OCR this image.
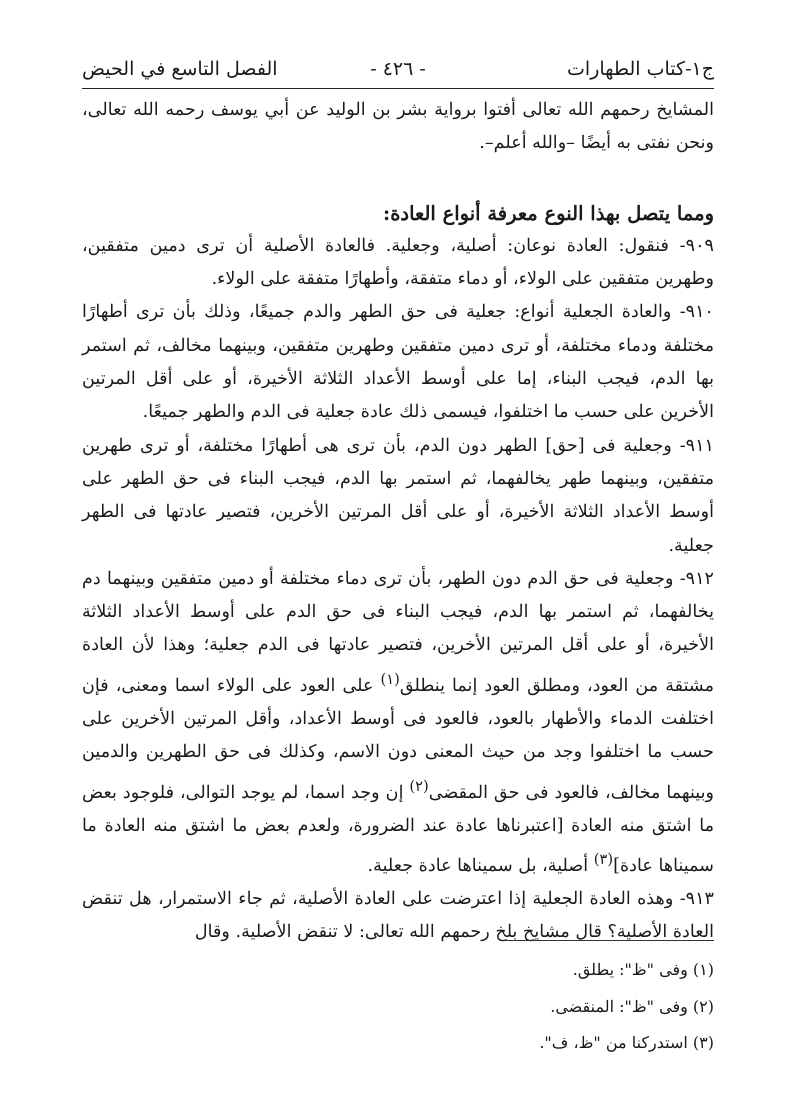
ج١-كتاب الطهارات
- ٤٢٦ -
الفصل التاسع في الحيض

المشايخ رحمهم الله تعالى أفتوا برواية بشر بن الوليد عن أبي يوسف رحمه الله تعالى، ونحن نفتى به أيضًا –والله أعلم–.

ومما يتصل بهذا النوع معرفة أنواع العادة:

٩٠٩- فنقول: العادة نوعان: أصلية، وجعلية. فالعادة الأصلية أن ترى دمين متفقين، وطهرين متفقين على الولاء، أو دماء متفقة، وأطهارًا متفقة على الولاء.

٩١٠- والعادة الجعلية أنواع: جعلية فى حق الطهر والدم جميعًا، وذلك بأن ترى أطهارًا مختلفة ودماء مختلفة، أو ترى دمين متفقين وطهرين متفقين، وبينهما مخالف، ثم استمر بها الدم، فيجب البناء، إما على أوسط الأعداد الثلاثة الأخيرة، أو على أقل المرتين الأخرين على حسب ما اختلفوا، فيسمى ذلك عادة جعلية فى الدم والطهر جميعًا.

٩١١- وجعلية فى [حق] الطهر دون الدم، بأن ترى هى أطهارًا مختلفة، أو ترى طهرين متفقين، وبينهما طهر يخالفهما، ثم استمر بها الدم، فيجب البناء فى حق الطهر على أوسط الأعداد الثلاثة الأخيرة، أو على أقل المرتين الأخرين، فتصير عادتها فى الطهر جعلية.

٩١٢- وجعلية فى حق الدم دون الطهر، بأن ترى دماء مختلفة أو دمين متفقين وبينهما دم يخالفهما، ثم استمر بها الدم، فيجب البناء فى حق الدم على أوسط الأعداد الثلاثة الأخيرة، أو على أقل المرتين الأخرين، فتصير عادتها فى الدم جعلية؛ وهذا لأن العادة مشتقة من العود، ومطلق العود إنما ينطلق$^{(١)}$ على العود على الولاء اسما ومعنى، فإن اختلفت الدماء والأطهار بالعود، فالعود فى أوسط الأعداد، وأقل المرتين الأخرين على حسب ما اختلفوا وجد من حيث المعنى دون الاسم، وكذلك فى حق الطهرين والدمين وبينهما مخالف، فالعود فى حق المقضى$^{(٢)}$ إن وجد اسما، لم يوجد التوالى، فلوجود بعض ما اشتق منه العادة [اعتبرناها عادة عند الضرورة، ولعدم بعض ما اشتق منه العادة ما سميناها عادة]$^{(٣)}$ أصلية، بل سميناها عادة جعلية.

٩١٣- وهذه العادة الجعلية إذا اعترضت على العادة الأصلية، ثم جاء الاستمرار، هل تنقض العادة الأصلية؟ قال مشايخ بلخ رحمهم الله تعالى: لا تنقض الأصلية. وقال

(١) وفى "ظ": يطلق.
(٢) وفى "ظ": المنقضى.
(٣) استدركنا من "ظ، ف".
